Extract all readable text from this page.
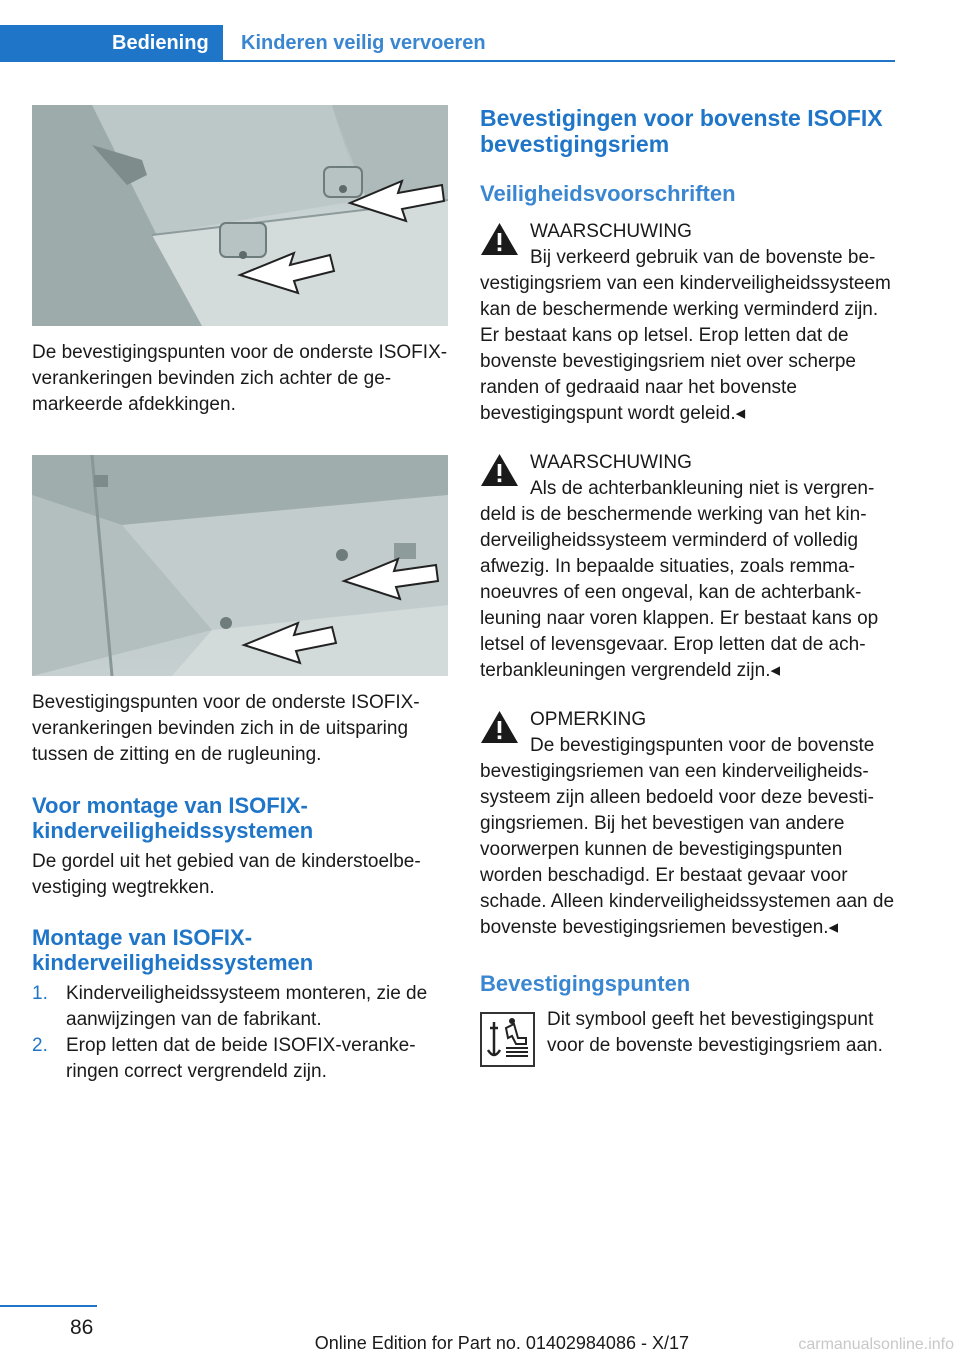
Bediening	Kinderen veilig vervoeren

De bevestigingspunten voor de onderste ISOFIX-verankeringen bevinden zich achter de gemarkeerde afdekkingen.

Bevestigingspunten voor de onderste ISOFIX-verankeringen bevinden zich in de uitsparing tussen de zitting en de rugleuning.

Voor montage van ISOFIX-kinderveiligheidssystemen

De gordel uit het gebied van de kinderstoelbevestiging wegtrekken.

Montage van ISOFIX-kinderveiligheidssystemen
1. Kinderveiligheidssysteem monteren, zie de aanwijzingen van de fabrikant.
2. Erop letten dat de beide ISOFIX-verankeringen correct vergrendeld zijn.
Bevestigingen voor bovenste ISOFIX bevestigingsriem
Veiligheidsvoorschriften
WAARSCHUWING

Bij verkeerd gebruik van de bovenste bevestigingsriem van een kinderveiligheidssysteem kan de beschermende werking verminderd zijn. Er bestaat kans op letsel. Erop letten dat de bovenste bevestigingsriem niet over scherpe randen of gedraaid naar het bovenste bevestigingspunt wordt geleid.◂

WAARSCHUWING

Als de achterbankleuning niet is vergrendeld is de beschermende werking van het kinderveiligheidssysteem verminderd of volledig afwezig. In bepaalde situaties, zoals remmanoeuvres of een ongeval, kan de achterbankleuning naar voren klappen. Er bestaat kans op letsel of levensgevaar. Erop letten dat de achterbankleuningen vergrendeld zijn.◂

OPMERKING

De bevestigingspunten voor de bovenste bevestigingsriemen van een kinderveiligheidssysteem zijn alleen bedoeld voor deze bevestigingsriemen. Bij het bevestigen van andere voorwerpen kunnen de bevestigingspunten worden beschadigd. Er bestaat gevaar voor schade. Alleen kinderveiligheidssystemen aan de bovenste bevestigingsriemen bevestigen.◂

Bevestigingspunten

Dit symbool geeft het bevestigingspunt voor de bovenste bevestigingsriem aan.

86
Online Edition for Part no. 01402984086 - X/17	carmanualsonline.info
